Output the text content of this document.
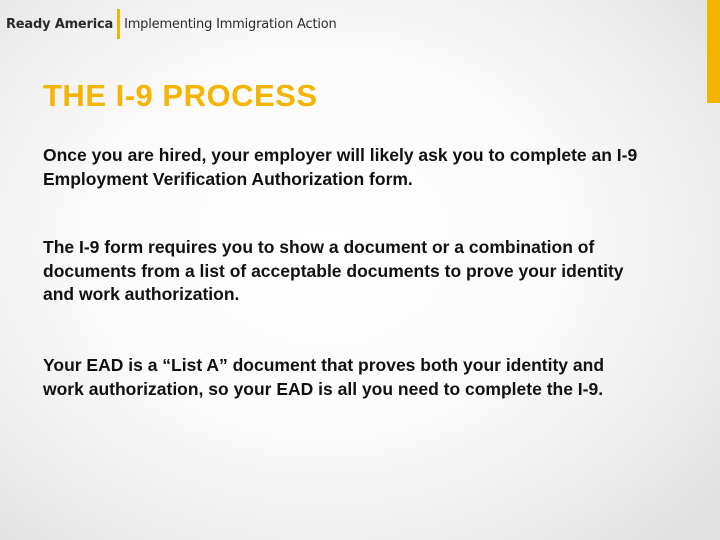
Ready America Implementing Immigration Action
THE I-9 PROCESS

Once you are hired, your employer will likely ask you to complete an I-9 Employment Verification Authorization form.

The I-9 form requires you to show a document or a combination of documents from a list of acceptable documents to prove your identity and work authorization.

Your EAD is a “List A” document that proves both your identity and work authorization, so your EAD is all you need to complete the I-9.
